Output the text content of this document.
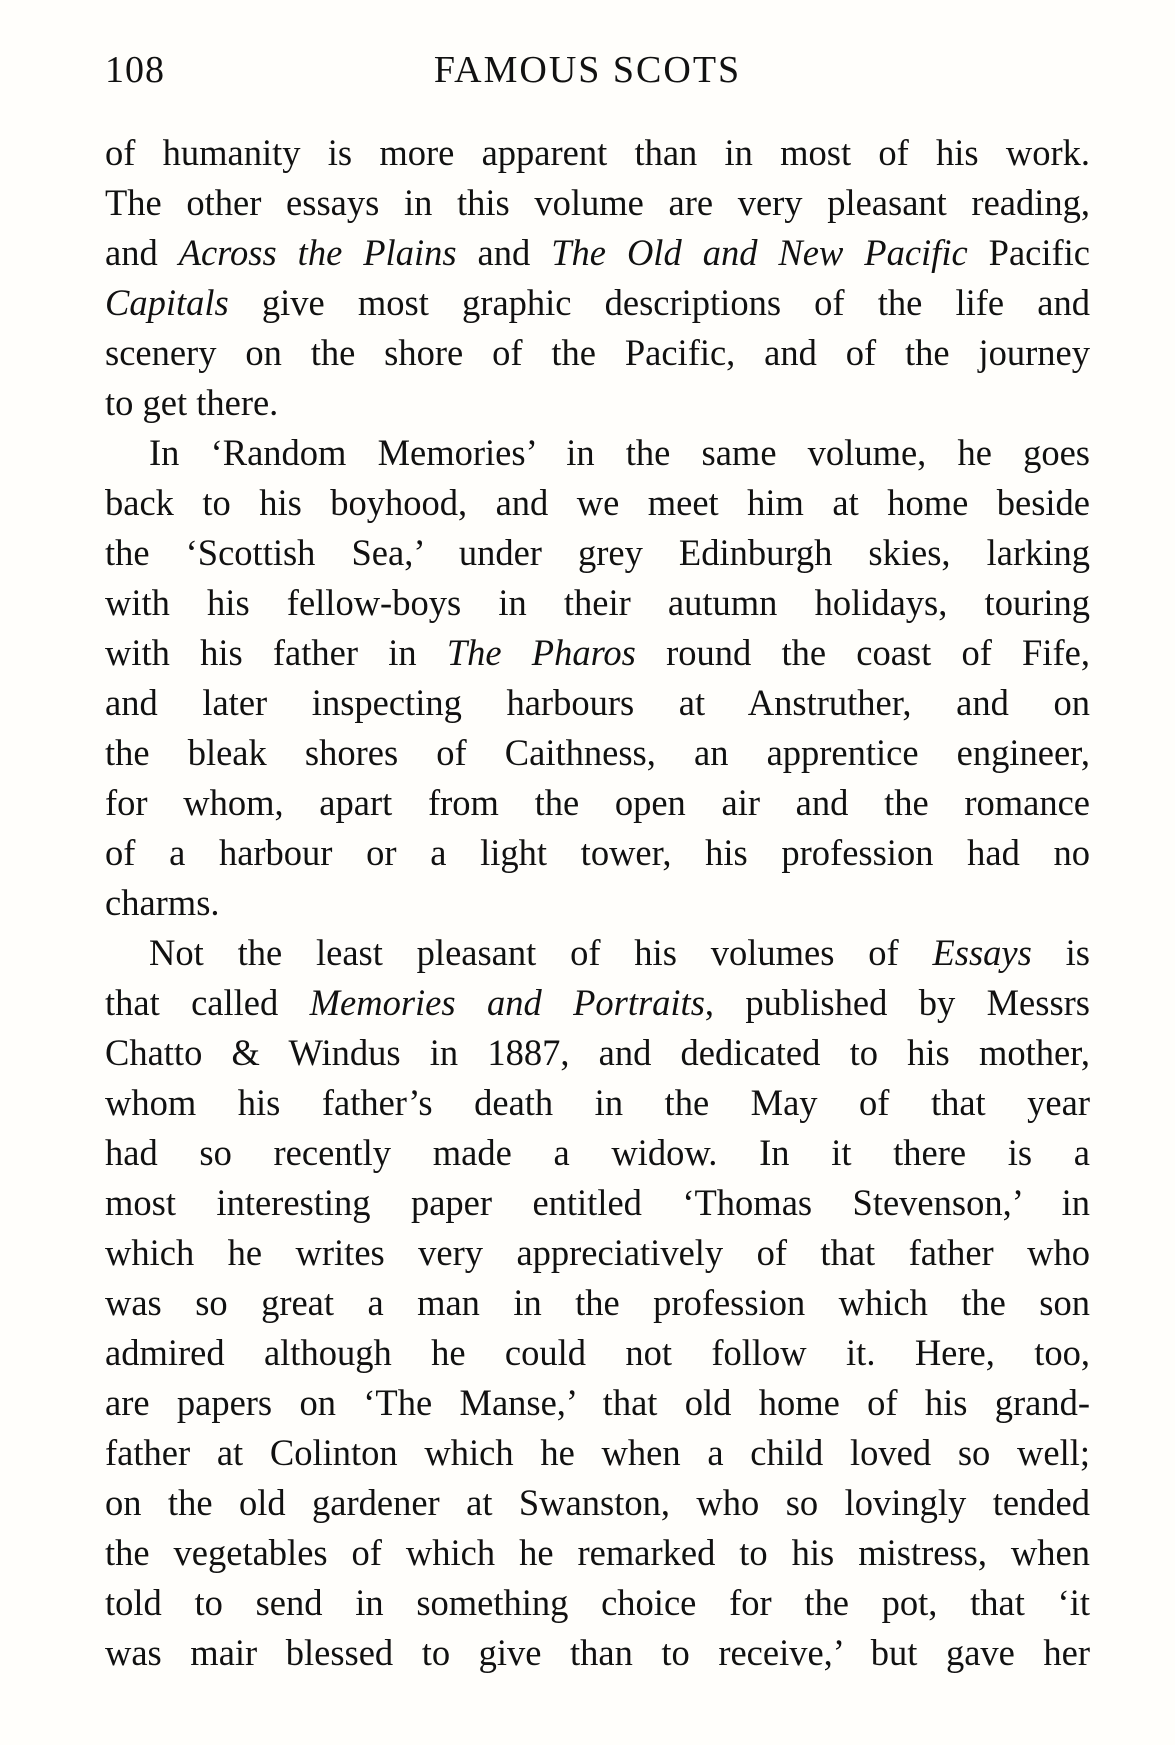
108	FAMOUS SCOTS
of humanity is more apparent than in most of his work.
The other essays in this volume are very pleasant reading,
and Across the Plains and The Old and New Pacific Pacific
Capitals give most graphic descriptions of the life and
scenery on the shore of the Pacific, and of the journey
to get there.
In ‘Random Memories’ in the same volume, he goes
back to his boyhood, and we meet him at home beside
the ‘Scottish Sea,’ under grey Edinburgh skies, larking
with his fellow-boys in their autumn holidays, touring
with his father in The Pharos round the coast of Fife,
and later inspecting harbours at Anstruther, and on
the bleak shores of Caithness, an apprentice engineer,
for whom, apart from the open air and the romance
of a harbour or a light tower, his profession had no
charms.
Not the least pleasant of his volumes of Essays is
that called Memories and Portraits, published by Messrs
Chatto & Windus in 1887, and dedicated to his mother,
whom his father’s death in the May of that year
had so recently made a widow. In it there is a
most interesting paper entitled ‘Thomas Stevenson,’ in
which he writes very appreciatively of that father who
was so great a man in the profession which the son
admired although he could not follow it. Here, too,
are papers on ‘The Manse,’ that old home of his grand-
father at Colinton which he when a child loved so well;
on the old gardener at Swanston, who so lovingly tended
the vegetables of which he remarked to his mistress, when
told to send in something choice for the pot, that ‘it
was mair blessed to give than to receive,’ but gave her
